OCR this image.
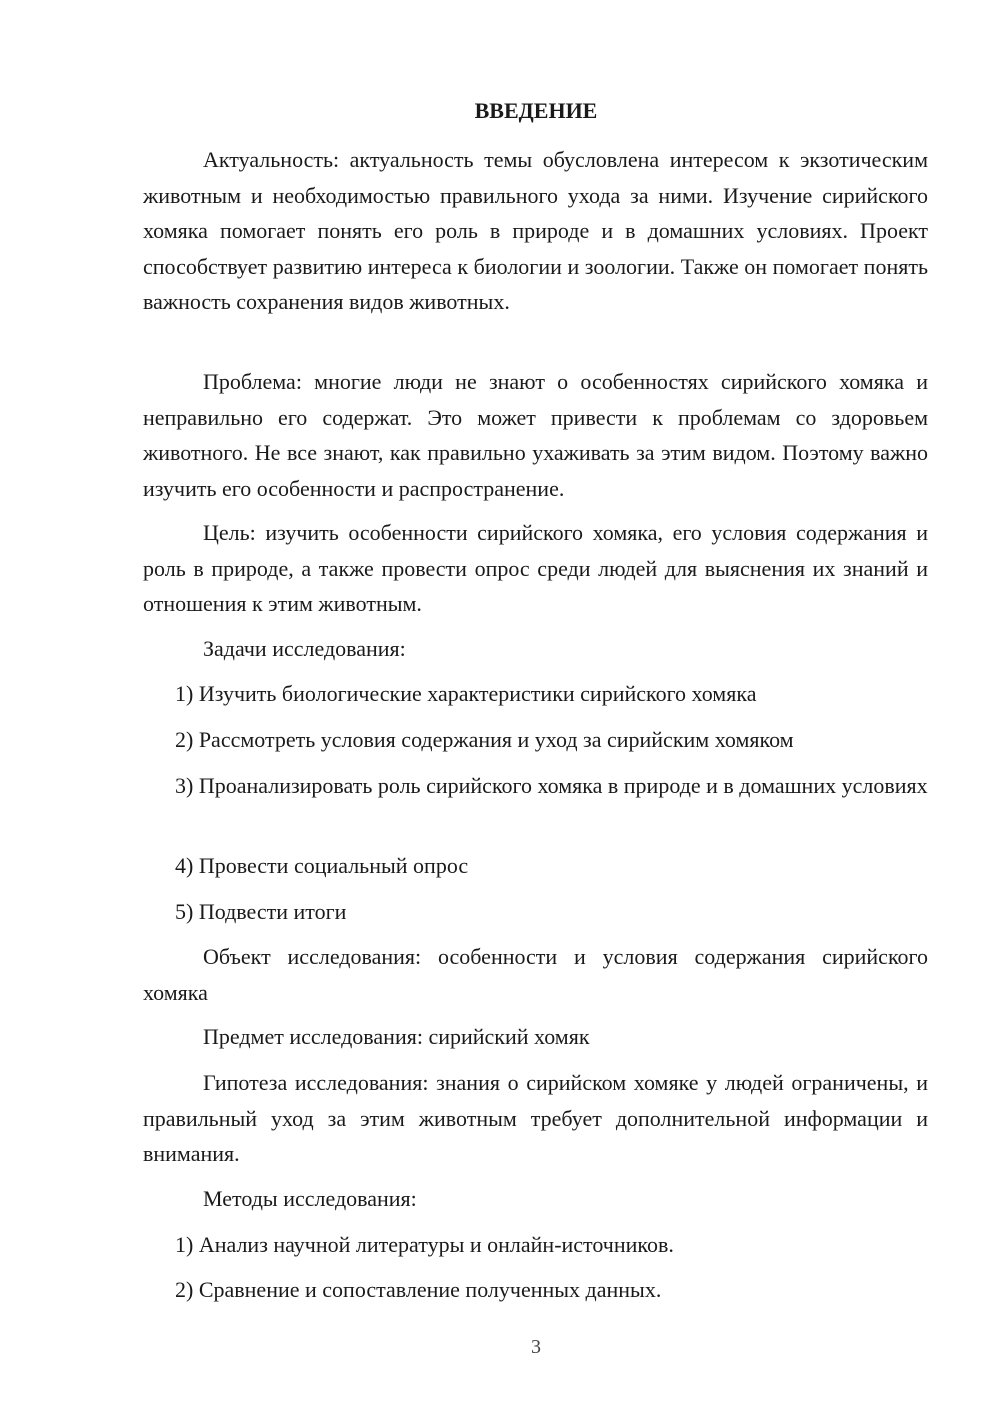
ВВЕДЕНИЕ

Актуальность: актуальность темы обусловлена интересом к экзотическим животным и необходимостью правильного ухода за ними. Изучение сирийского хомяка помогает понять его роль в природе и в домашних условиях. Проект способствует развитию интереса к биологии и зоологии. Также он помогает понять важность сохранения видов животных.

Проблема: многие люди не знают о особенностях сирийского хомяка и неправильно его содержат. Это может привести к проблемам со здоровьем животного. Не все знают, как правильно ухаживать за этим видом. Поэтому важно изучить его особенности и распространение.

Цель: изучить особенности сирийского хомяка, его условия содержания и роль в природе, а также провести опрос среди людей для выяснения их знаний и отношения к этим животным.

Задачи исследования:

1) Изучить биологические характеристики сирийского хомяка

2) Рассмотреть условия содержания и уход за сирийским хомяком

3) Проанализировать роль сирийского хомяка в природе и в домашних условиях

4) Провести социальный опрос

5) Подвести итоги

Объект исследования: особенности и условия содержания сирийского хомяка

Предмет исследования: сирийский хомяк

Гипотеза исследования: знания о сирийском хомяке у людей ограничены, и правильный уход за этим животным требует дополнительной информации и внимания.

Методы исследования:

1) Анализ научной литературы и онлайн-источников.

2) Сравнение и сопоставление полученных данных.

3
